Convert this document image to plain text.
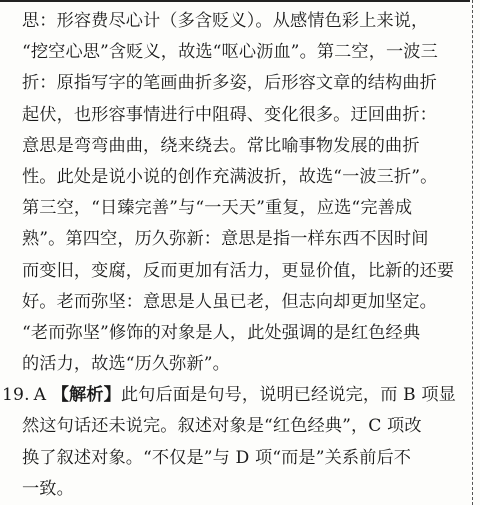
思：形容费尽心计（多含贬义）。从感情色彩上来说，
“挖空心思”含贬义，故选“呕心沥血”。第二空，一波三
折：原指写字的笔画曲折多姿，后形容文章的结构曲折
起伏，也形容事情进行中阻碍、变化很多。迂回曲折：
意思是弯弯曲曲，绕来绕去。常比喻事物发展的曲折
性。此处是说小说的创作充满波折，故选“一波三折”。
第三空，“日臻完善”与“一天天”重复，应选“完善成
熟”。第四空，历久弥新：意思是指一样东西不因时间
而变旧，变腐，反而更加有活力，更显价值，比新的还要
好。老而弥坚：意思是人虽已老，但志向却更加坚定。
“老而弥坚”修饰的对象是人，此处强调的是红色经典
的活力，故选“历久弥新”。
19. A 【解析】此句后面是句号，说明已经说完，而 B 项显
然这句话还未说完。叙述对象是“红色经典”，C 项改
换了叙述对象。“不仅是”与 D 项“而是”关系前后不
一致。
